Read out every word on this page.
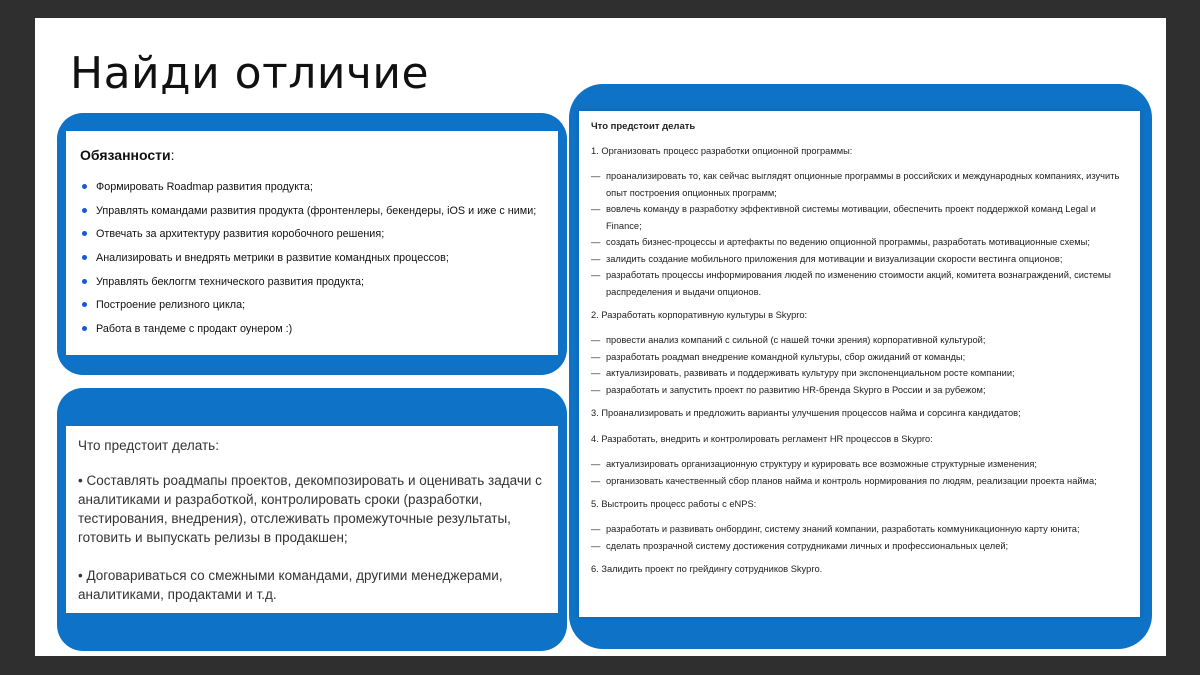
Найди отличие
Обязанности:
Формировать Roadmap развития продукта;
Управлять командами развития продукта (фронтенлеры, бекендеры, iOS и иже с ними;
Отвечать за архитектуру развития коробочного решения;
Анализировать и внедрять метрики в развитие командных процессов;
Управлять беклоггм технического развития продукта;
Построение релизного цикла;
Работа в тандеме с продакт оунером :)
Что предстоит делать:
• Составлять роадмапы проектов, декомпозировать и оценивать задачи с аналитиками и разработкой, контролировать сроки (разработки, тестирования, внедрения), отслеживать промежуточные результаты, готовить и выпускать релизы в продакшен;
• Договариваться со смежными командами, другими менеджерами, аналитиками, продактами и т.д.
Что предстоит делать
1. Организовать процесс разработки опционной программы:
— проанализировать то, как сейчас выглядят опционные программы в российских и международных компаниях, изучить опыт построения опционных программ;
— вовлечь команду в разработку эффективной системы мотивации, обеспечить проект поддержкой команд Legal и Finance;
— создать бизнес-процессы и артефакты по ведению опционной программы, разработать мотивационные схемы;
— залидить создание мобильного приложения для мотивации и визуализации скорости вестинга опционов;
— разработать процессы информирования людей по изменению стоимости акций, комитета вознаграждений, системы распределения и выдачи опционов.
2. Разработать корпоративную культуры в Skypro:
— провести анализ компаний с сильной (с нашей точки зрения) корпоративной культурой;
— разработать роадмап внедрение командной культуры, сбор ожиданий от команды;
— актуализировать, развивать и поддерживать культуру при экспоненциальном росте компании;
— разработать и запустить проект по развитию HR-бренда Skypro в России и за рубежом;
3. Проанализировать и предложить варианты улучшения процессов найма и сорсинга кандидатов;
4. Разработать, внедрить и контролировать регламент HR процессов в Skypro:
— актуализировать организационную структуру и курировать все возможные структурные изменения;
— организовать качественный сбор планов найма и контроль нормирования по людям, реализации проекта найма;
5. Выстроить процесс работы с eNPS:
— разработать и развивать онбординг, систему знаний компании, разработать коммуникационную карту юнита;
— сделать прозрачной систему достижения сотрудниками личных и профессиональных целей;
6. Залидить проект по грейдингу сотрудников Skypro.
